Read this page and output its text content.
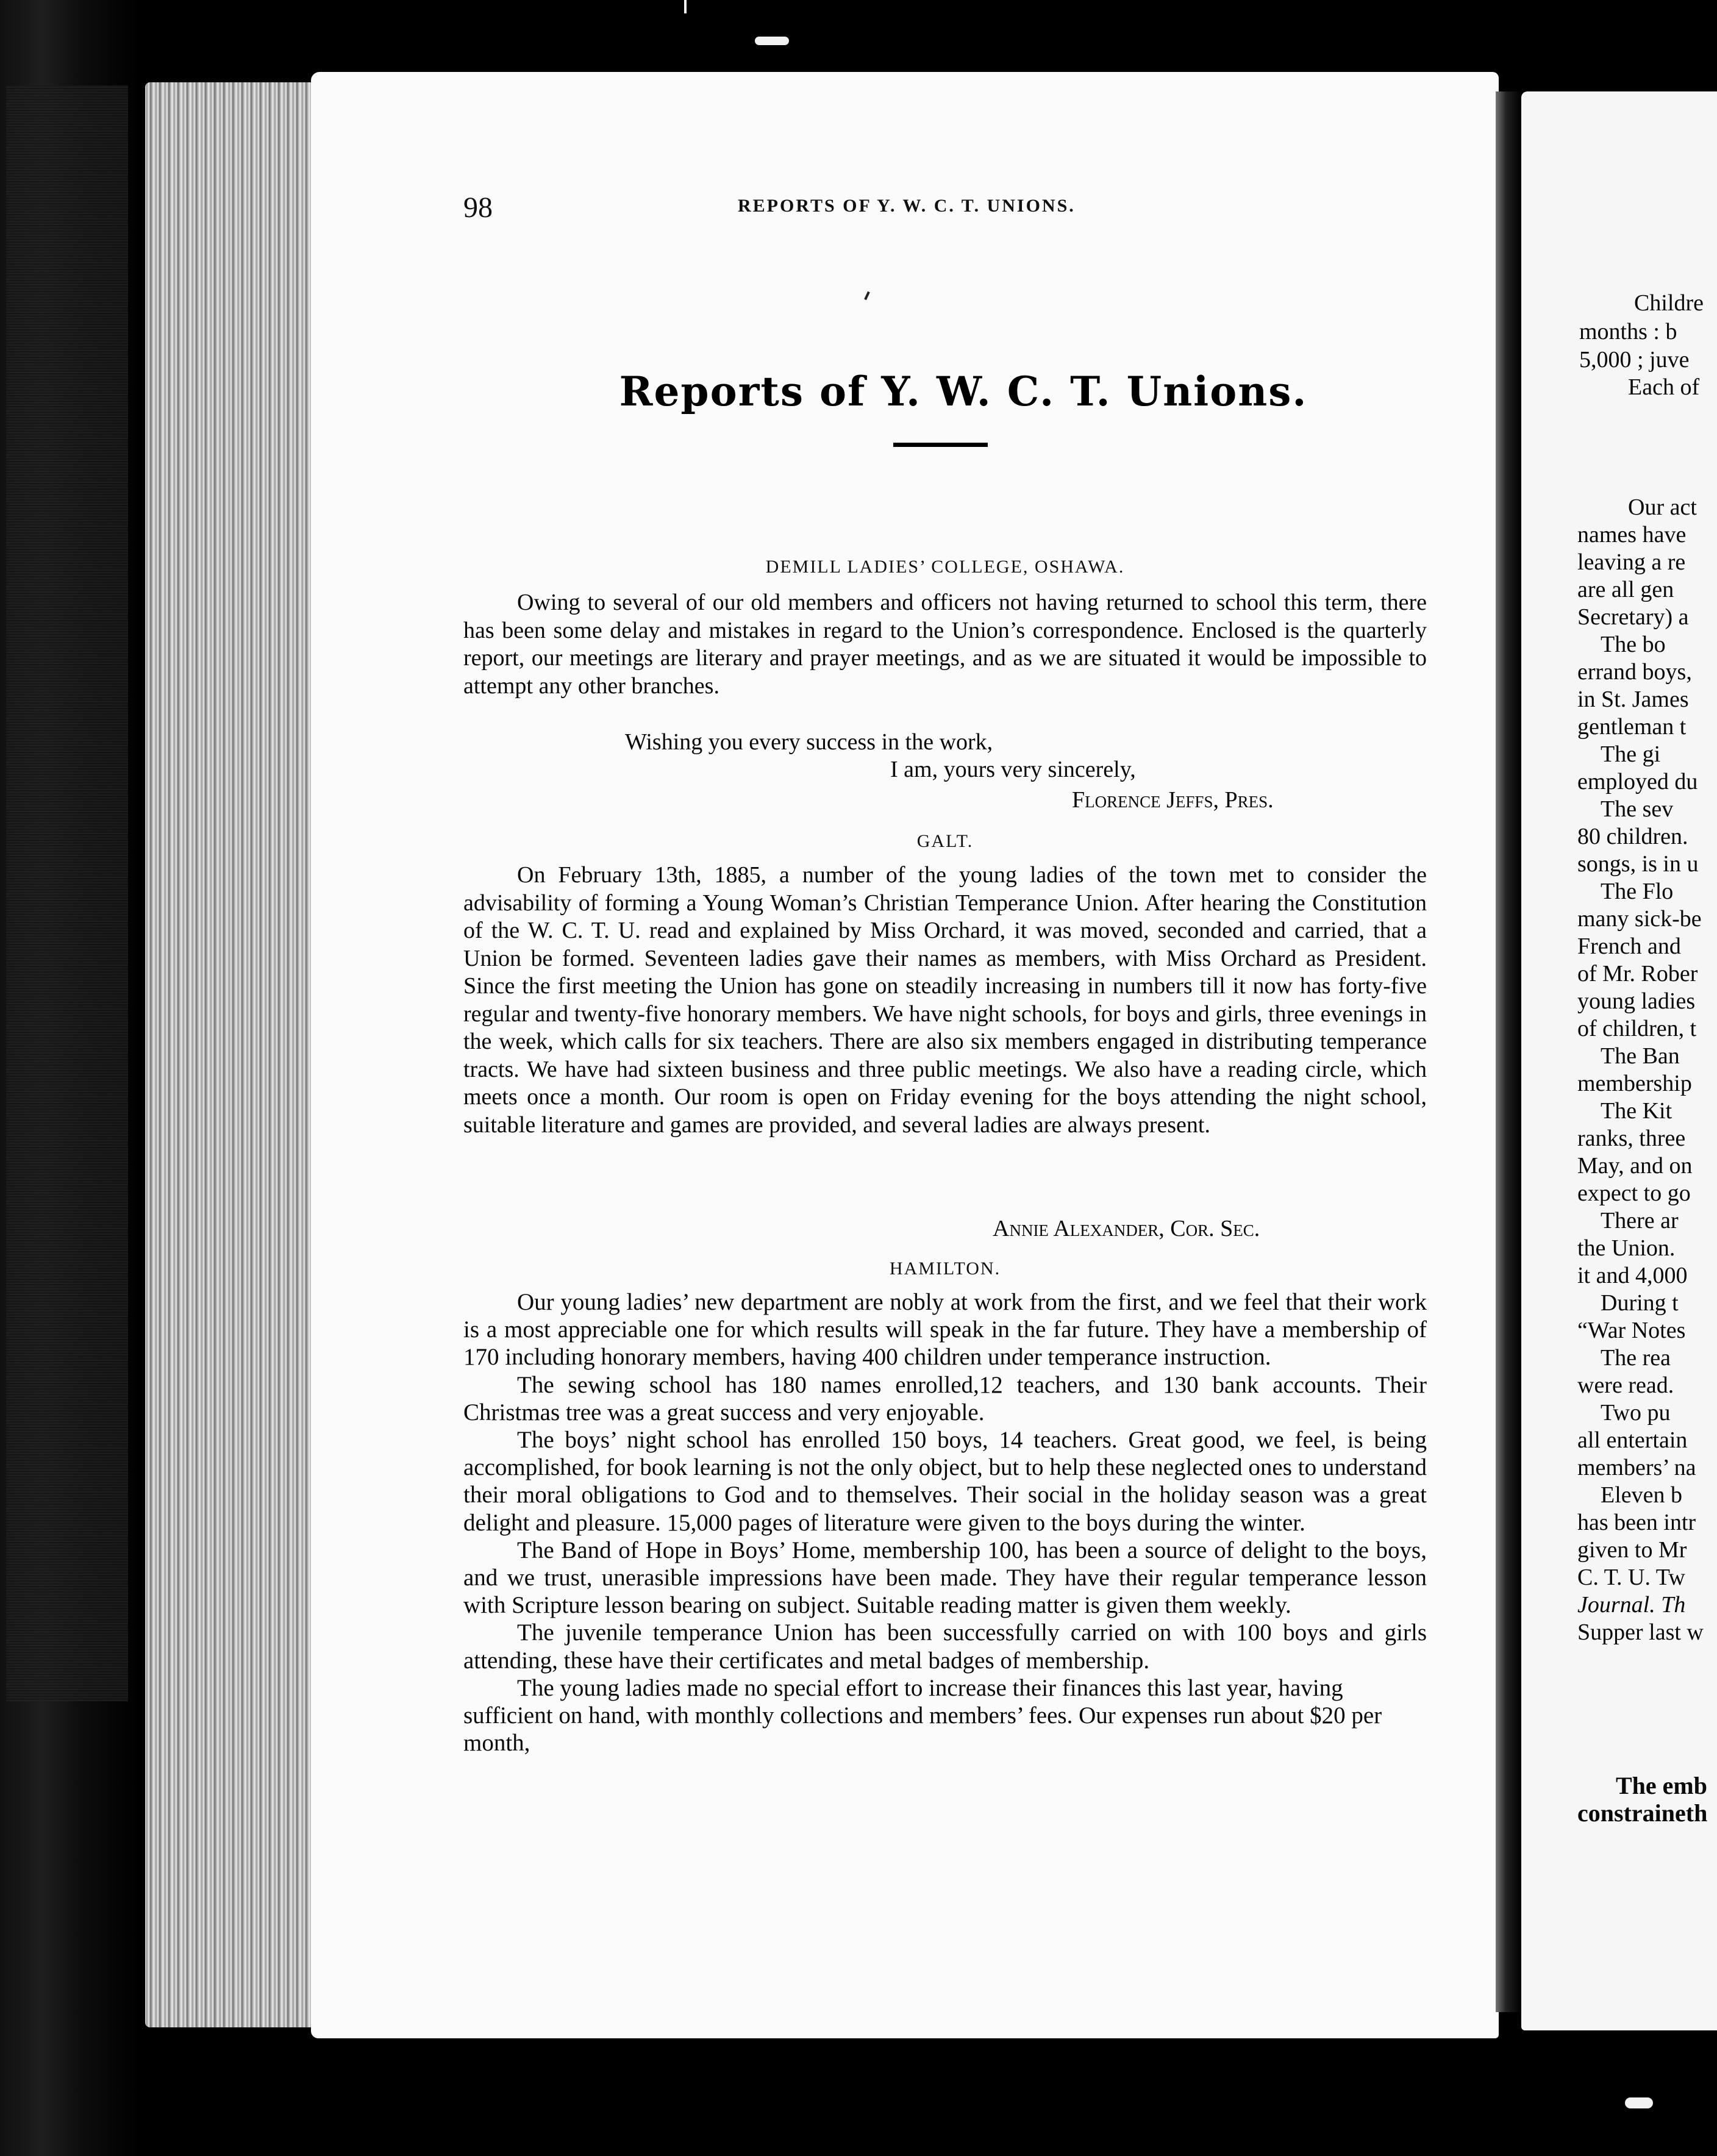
98	REPORTS OF Y. W. C. T. UNIONS.
Reports of Y. W. C. T. Unions.
DEMILL LADIES’ COLLEGE, OSHAWA.

Owing to several of our old members and officers not having returned to school this term, there has been some delay and mistakes in regard to the Union’s correspondence. Enclosed is the quarterly report, our meetings are literary and prayer meetings, and as we are situated it would be impossible to attempt any other branches.

Wishing you every success in the work,
I am, yours very sincerely,
Florence Jeffs, Pres.
GALT.

On February 13th, 1885, a number of the young ladies of the town met to consider the advisability of forming a Young Woman’s Christian Temperance Union. After hearing the Constitution of the W. C. T. U. read and explained by Miss Orchard, it was moved, seconded and carried, that a Union be formed. Seventeen ladies gave their names as members, with Miss Orchard as President. Since the first meeting the Union has gone on steadily increasing in numbers till it now has forty-five regular and twenty-five honorary members. We have night schools, for boys and girls, three evenings in the week, which calls for six teachers. There are also six members engaged in distributing temperance tracts. We have had sixteen business and three public meetings. We also have a reading circle, which meets once a month. Our room is open on Friday evening for the boys attending the night school, suitable literature and games are provided, and several ladies are always present.

Annie Alexander, Cor. Sec.
HAMILTON.

Our young ladies’ new department are nobly at work from the first, and we feel that their work is a most appreciable one for which results will speak in the far future. They have a membership of 170 including honorary members, having 400 children under temperance instruction.

The sewing school has 180 names enrolled,12 teachers, and 130 bank accounts. Their Christmas tree was a great success and very enjoyable.

The boys’ night school has enrolled 150 boys, 14 teachers. Great good, we feel, is being accomplished, for book learning is not the only object, but to help these neglected ones to understand their moral obligations to God and to themselves. Their social in the holiday season was a great delight and pleasure. 15,000 pages of literature were given to the boys during the winter.

The Band of Hope in Boys’ Home, membership 100, has been a source of delight to the boys, and we trust, unerasible impressions have been made. They have their regular temperance lesson with Scripture lesson bearing on subject. Suitable reading matter is given them weekly.

The juvenile temperance Union has been successfully carried on with 100 boys and girls attending, these have their certificates and metal badges of membership.

The young ladies made no special effort to increase their finances this last year, having sufficient on hand, with monthly collections and members’ fees. Our expenses run about $20 per month,

Childre
months : b
5,000 ; juve
Each of
Our act
names have
leaving a re
are all gen
Secretary) a
The bo
errand boys,
in St. James
gentleman t
The gi
employed du
The sev
80 children.
songs, is in u
The Flo
many sick-be
French and
of Mr. Rober
young ladies
of children, t
The Ban
membership
The Kit
ranks, three
May, and on
expect to go
There ar
the Union.
it and 4,000
During t
“War Notes
The rea
were read.
Two pu
all entertain
members’ na
Eleven b
has been intr
given to Mr
C. T. U. Tw
Journal. Th
Supper last w
The emb
constraineth
